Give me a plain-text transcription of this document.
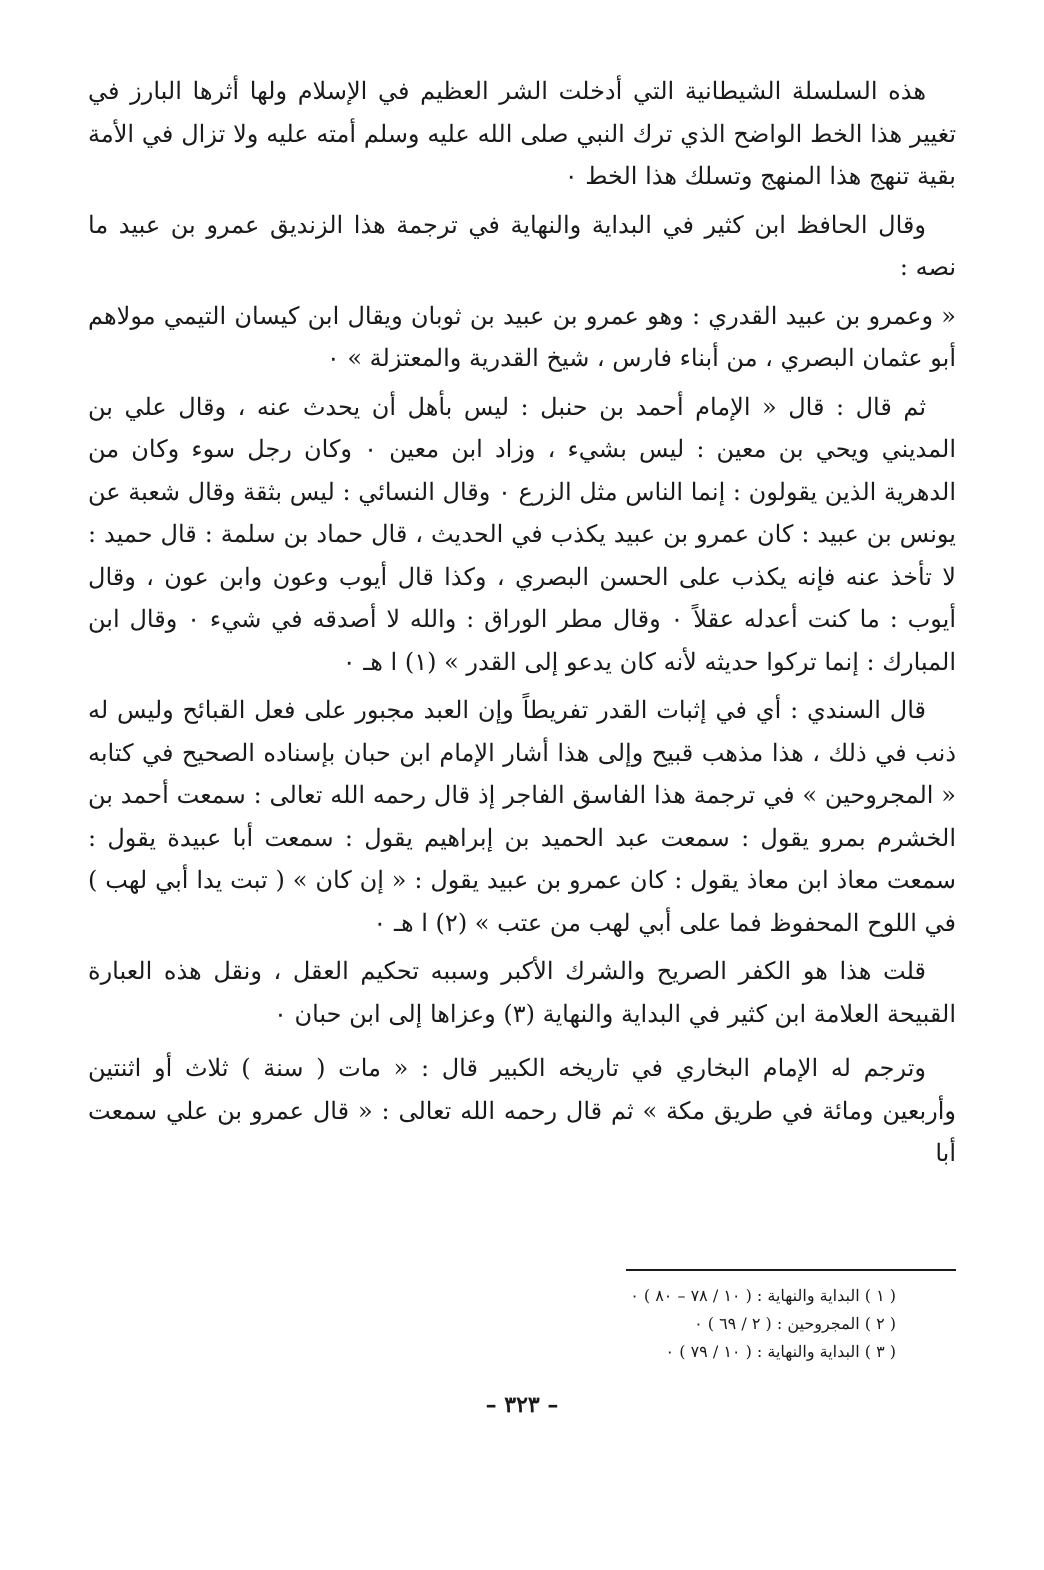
هذه السلسلة الشيطانية التي أدخلت الشر العظيم في الإسلام ولها أثرها البارز في تغيير هذا الخط الواضح الذي ترك النبي صلى الله عليه وسلم أمته عليه ولا تزال في الأمة بقية تنهج هذا المنهج وتسلك هذا الخط ٠

وقال الحافظ ابن كثير في البداية والنهاية في ترجمة هذا الزنديق عمرو بن عبيد ما نصه :

« وعمرو بن عبيد القدري : وهو عمرو بن عبيد بن ثوبان ويقال ابن كيسان التيمي مولاهم أبو عثمان البصري ، من أبناء فارس ، شيخ القدرية والمعتزلة » ٠

ثم قال : قال « الإمام أحمد بن حنبل : ليس بأهل أن يحدث عنه ، وقال علي بن المديني ويحي بن معين : ليس بشيء ، وزاد ابن معين ٠ وكان رجل سوء وكان من الدهرية الذين يقولون : إنما الناس مثل الزرع ٠ وقال النسائي : ليس بثقة وقال شعبة عن يونس بن عبيد : كان عمرو بن عبيد يكذب في الحديث ، قال حماد بن سلمة : قال حميد : لا تأخذ عنه فإنه يكذب على الحسن البصري ، وكذا قال أيوب وعون وابن عون ، وقال أيوب : ما كنت أعدله عقلاً ٠ وقال مطر الوراق : والله لا أصدقه في شيء ٠ وقال ابن المبارك : إنما تركوا حديثه لأنه كان يدعو إلى القدر » (١) ا هـ ٠

قال السندي : أي في إثبات القدر تفريطاً وإن العبد مجبور على فعل القبائح وليس له ذنب في ذلك ، هذا مذهب قبيح وإلى هذا أشار الإمام ابن حبان بإسناده الصحيح في كتابه « المجروحين » في ترجمة هذا الفاسق الفاجر إذ قال رحمه الله تعالى : سمعت أحمد بن الخشرم بمرو يقول : سمعت عبد الحميد بن إبراهيم يقول : سمعت أبا عبيدة يقول : سمعت معاذ ابن معاذ يقول : كان عمرو بن عبيد يقول : « إن كان » ( تبت يدا أبي لهب ) في اللوح المحفوظ فما على أبي لهب من عتب » (٢) ا هـ ٠

قلت هذا هو الكفر الصريح والشرك الأكبر وسببه تحكيم العقل ، ونقل هذه العبارة القبيحة العلامة ابن كثير في البداية والنهاية (٣) وعزاها إلى ابن حبان ٠

وترجم له الإمام البخاري في تاريخه الكبير قال : « مات ( سنة ) ثلاث أو اثنتين وأربعين ومائة في طريق مكة » ثم قال رحمه الله تعالى : « قال عمرو بن علي سمعت أبا

( ١ ) البداية والنهاية : ( ١٠ / ٧٨ – ٨٠ ) ٠

( ٢ ) المجروحين : ( ٢ / ٦٩ ) ٠

( ٣ ) البداية والنهاية : ( ١٠ / ٧٩ ) ٠

– ٣٢٣ –
